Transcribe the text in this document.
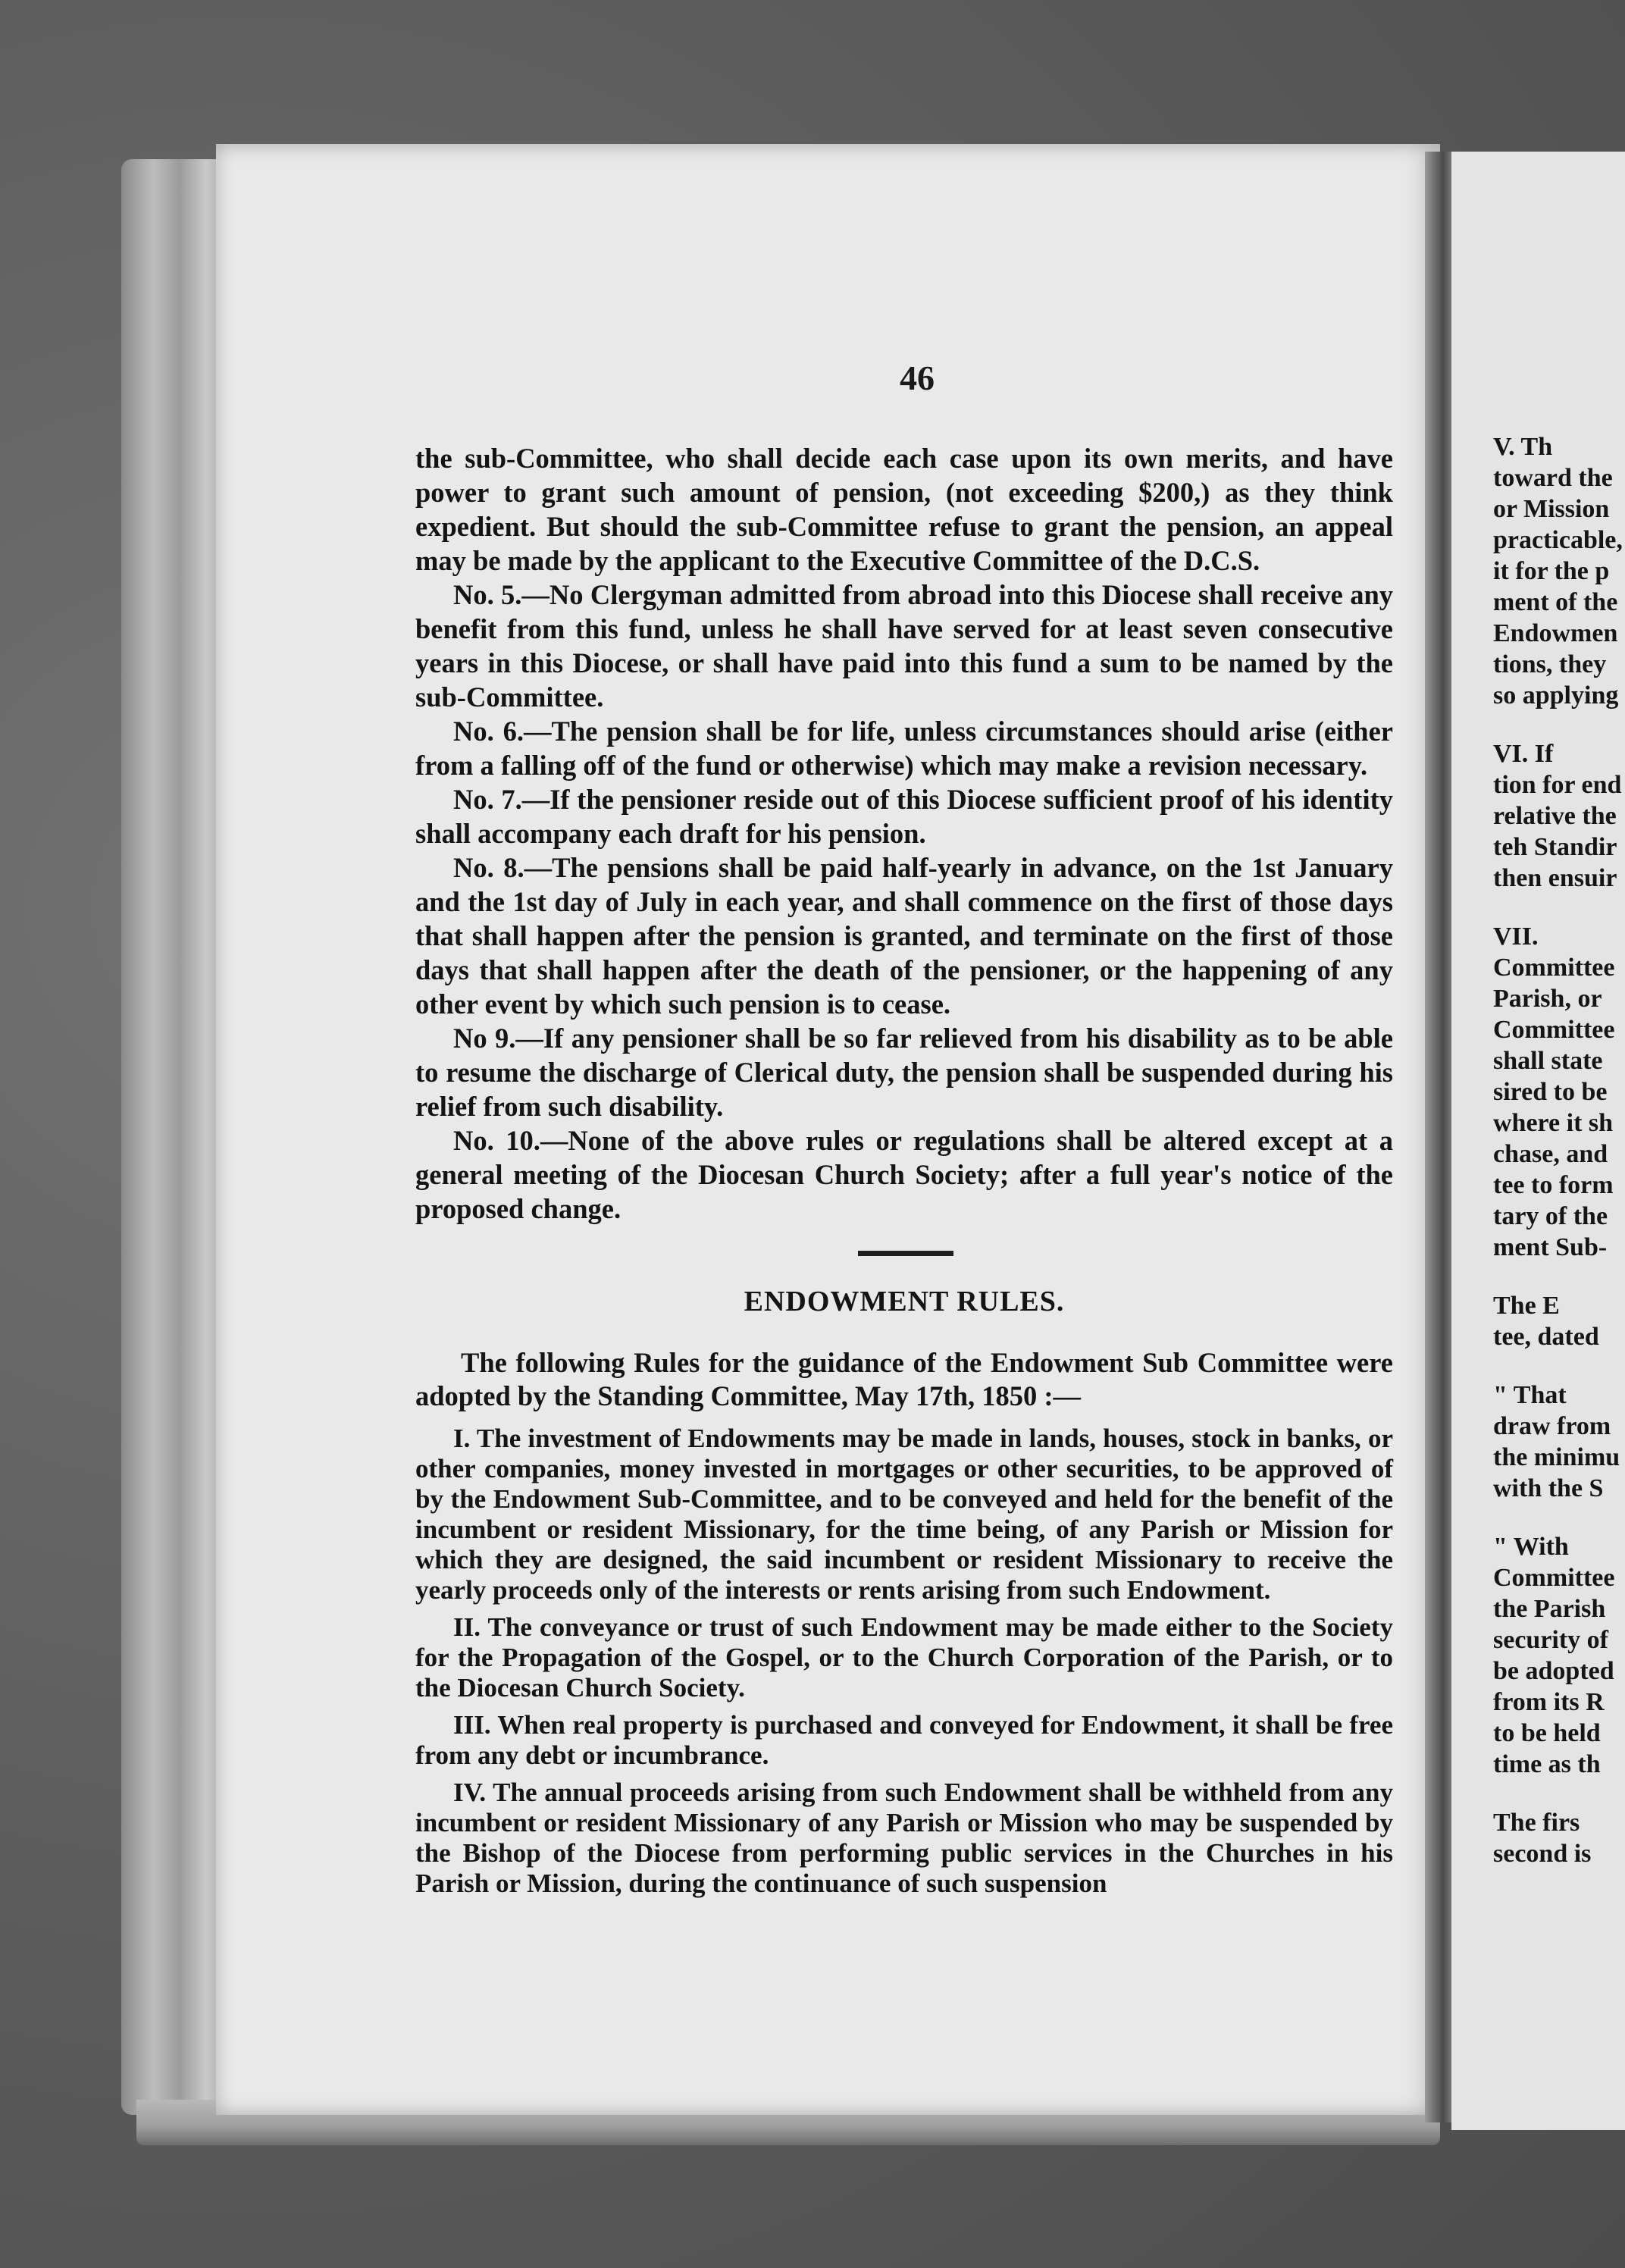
V. Th
toward the
or Mission
practicable,
it for the p
ment of the
Endowmen
tions, they
so applying
VI. If
tion for end
relative the
teh Standir
then ensuir
VII.
Committee
Parish, or
Committee
shall state
sired to be
where it sh
chase, and
tee to form
tary of the
ment Sub-
The E
tee, dated
" That
draw from
the minimu
with the S
" With
Committee
the Parish
security of
be adopted
from its R
to be held
time as th
The firs
second is
46

the sub-Committee, who shall decide each case upon its own merits, and have power to grant such amount of pension, (not exceeding $200,) as they think expedient. But should the sub-Committee refuse to grant the pension, an appeal may be made by the applicant to the Executive Committee of the D.C.S.

No. 5.—No Clergyman admitted from abroad into this Diocese shall receive any benefit from this fund, unless he shall have served for at least seven consecutive years in this Diocese, or shall have paid into this fund a sum to be named by the sub-Committee.

No. 6.—The pension shall be for life, unless circumstances should arise (either from a falling off of the fund or otherwise) which may make a revision necessary.

No. 7.—If the pensioner reside out of this Diocese sufficient proof of his identity shall accompany each draft for his pension.

No. 8.—The pensions shall be paid half-yearly in advance, on the 1st January and the 1st day of July in each year, and shall commence on the first of those days that shall happen after the pension is granted, and terminate on the first of those days that shall happen after the death of the pensioner, or the happening of any other event by which such pension is to cease.

No 9.—If any pensioner shall be so far relieved from his disability as to be able to resume the discharge of Clerical duty, the pension shall be suspended during his relief from such disability.

No. 10.—None of the above rules or regulations shall be altered except at a general meeting of the Diocesan Church Society; after a full year's notice of the proposed change.

ENDOWMENT RULES.

The following Rules for the guidance of the Endowment Sub Committee were adopted by the Standing Committee, May 17th, 1850 :—

I. The investment of Endowments may be made in lands, houses, stock in banks, or other companies, money invested in mortgages or other securities, to be approved of by the Endowment Sub-Committee, and to be conveyed and held for the benefit of the incumbent or resident Missionary, for the time being, of any Parish or Mission for which they are designed, the said incumbent or resident Missionary to receive the yearly proceeds only of the interests or rents arising from such Endowment.

II. The conveyance or trust of such Endowment may be made either to the Society for the Propagation of the Gospel, or to the Church Corporation of the Parish, or to the Diocesan Church Society.

III. When real property is purchased and conveyed for Endowment, it shall be free from any debt or incumbrance.

IV. The annual proceeds arising from such Endowment shall be withheld from any incumbent or resident Missionary of any Parish or Mission who may be suspended by the Bishop of the Diocese from performing public services in the Churches in his Parish or Mission, during the continuance of such suspension
